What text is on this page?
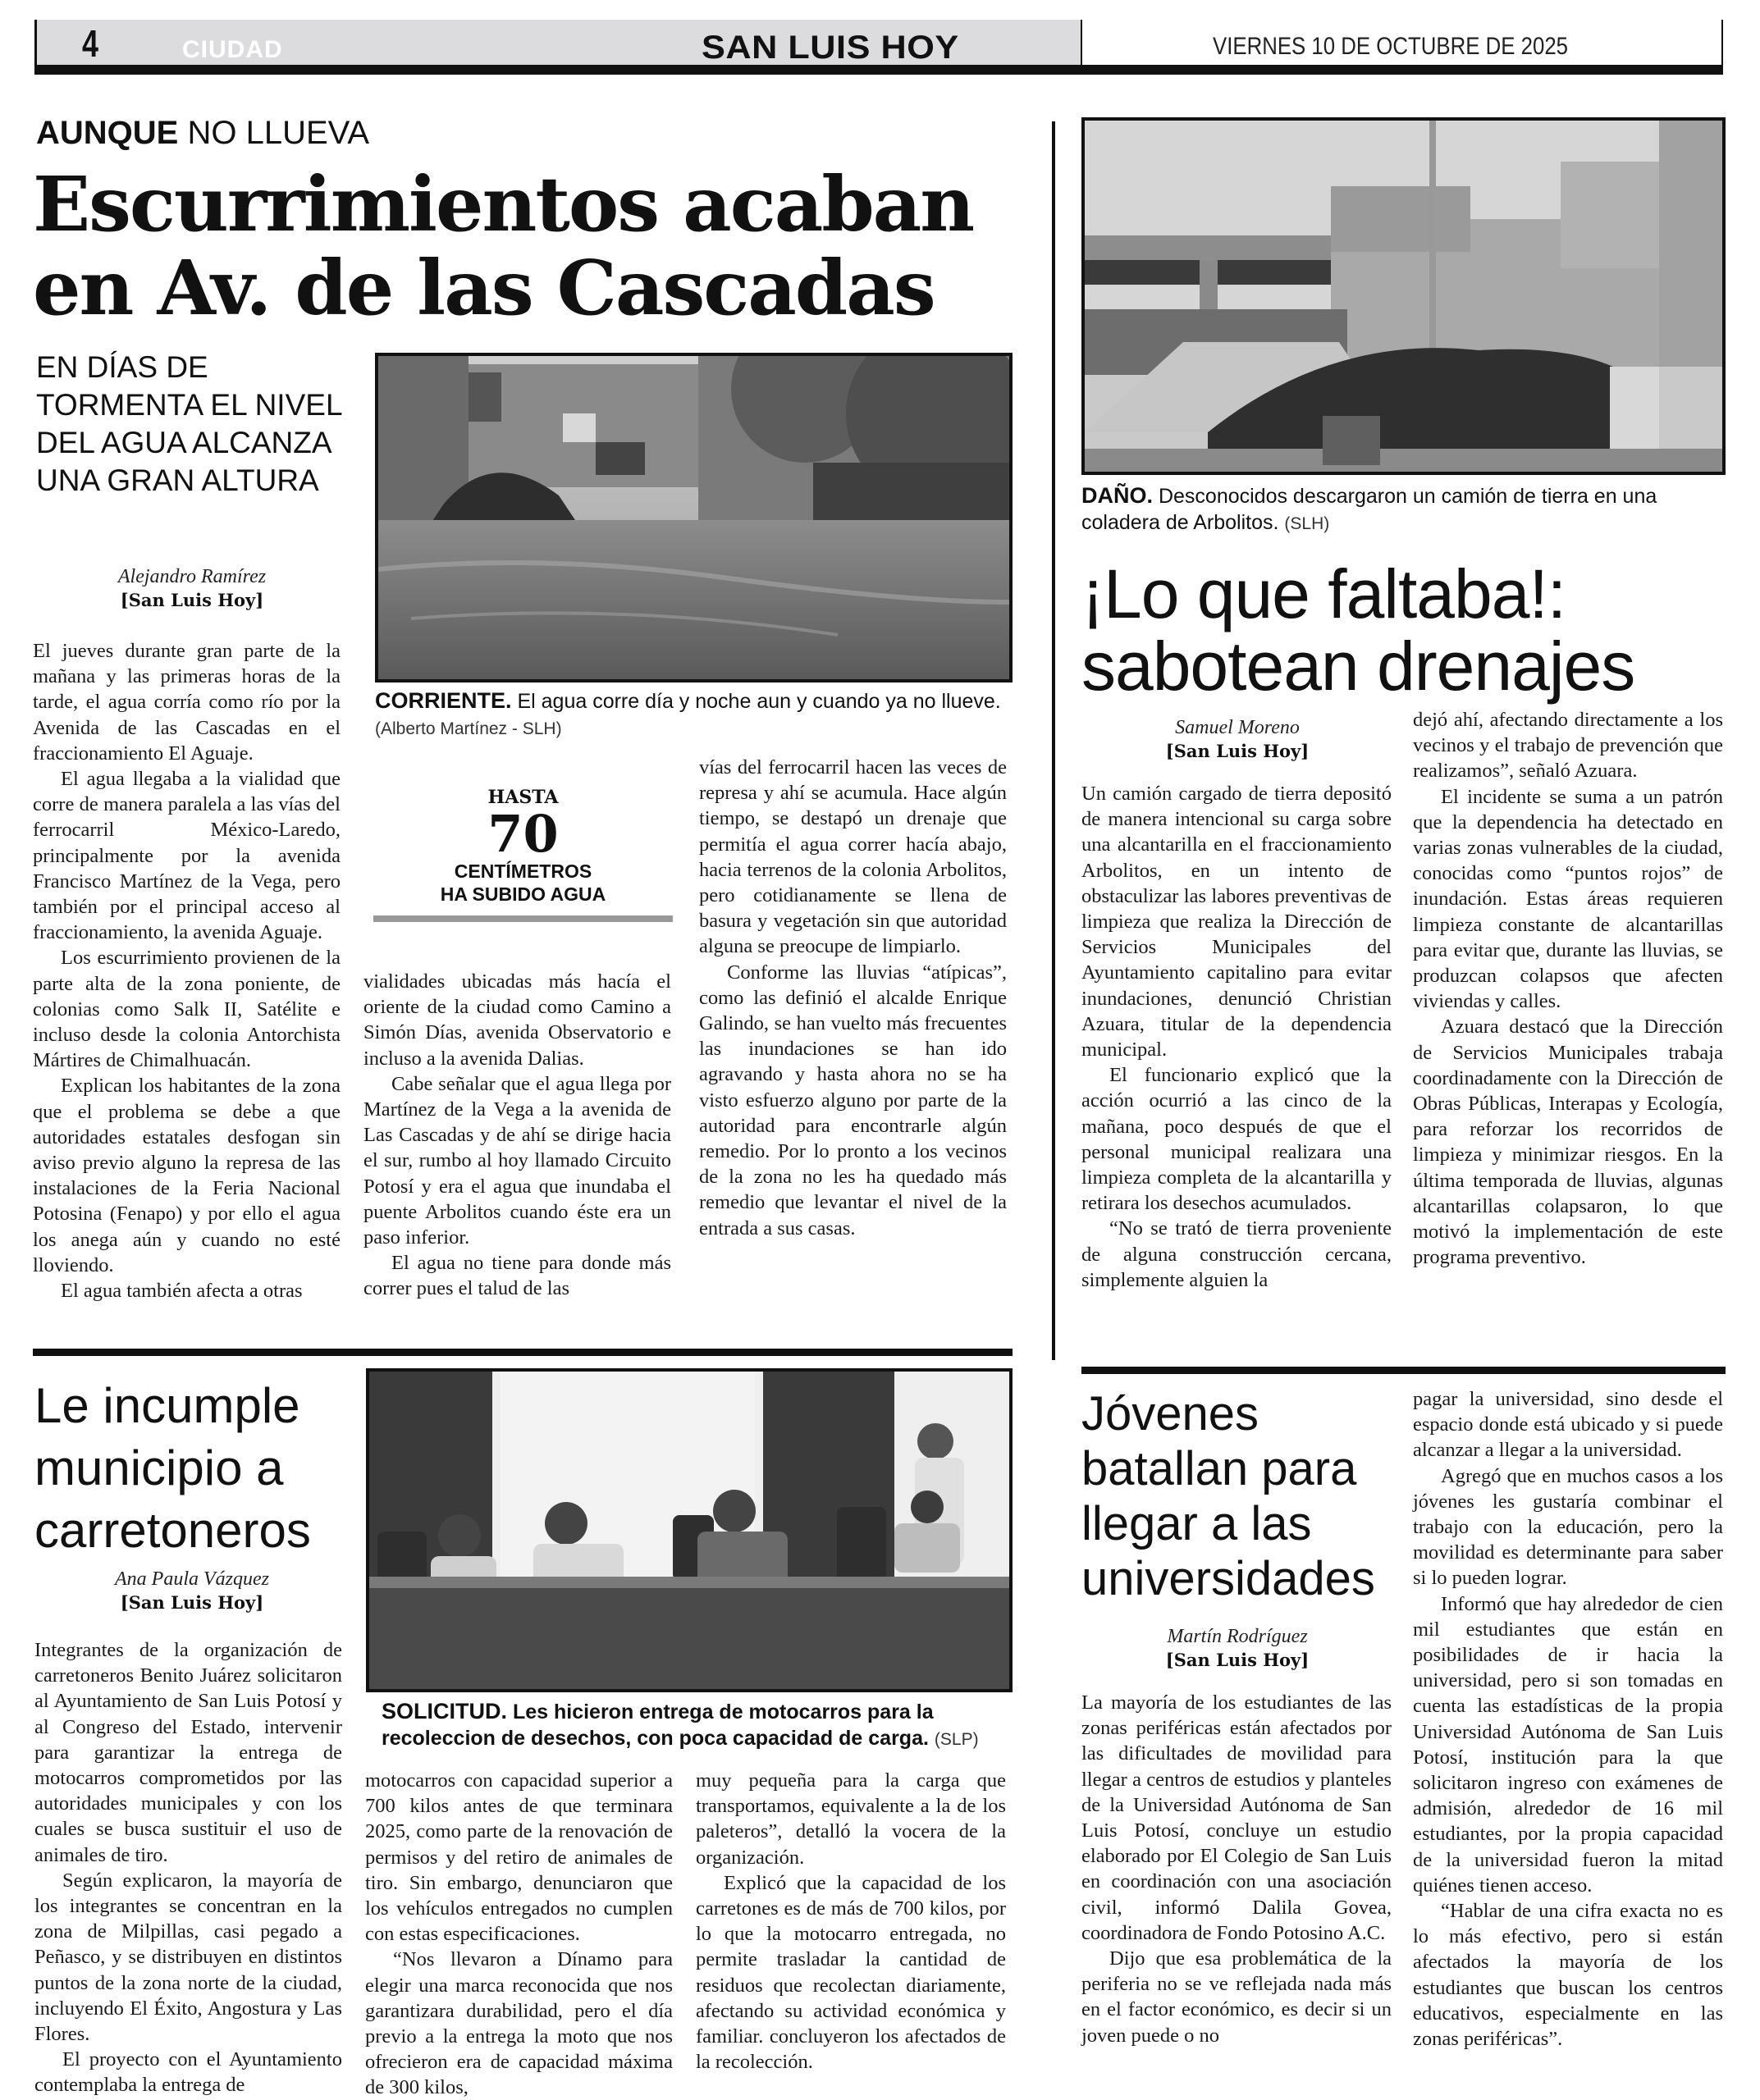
4	CIUDAD	SAN LUIS HOY	VIERNES 10 DE OCTUBRE DE 2025
AUNQUE NO LLUEVA
Escurrimientos acaban
en Av. de las Cascadas
EN DÍAS DE TORMENTA EL NIVEL DEL AGUA ALCANZA UNA GRAN ALTURA
Alejandro Ramírez
[San Luis Hoy]
CORRIENTE. El agua corre día y noche aun y cuando ya no llueve. (Alberto Martínez - SLH)
HASTA
70
CENTÍMETROS
HA SUBIDO AGUA

El jueves durante gran parte de la mañana y las primeras horas de la tarde, el agua corría como río por la Avenida de las Cascadas en el fraccionamiento El Aguaje.

El agua llegaba a la vialidad que corre de manera paralela a las vías del ferrocarril México-Laredo, principalmente por la avenida Francisco Martínez de la Vega, pero también por el principal acceso al fraccionamiento, la avenida Aguaje.

Los escurrimiento provienen de la parte alta de la zona poniente, de colonias como Salk II, Satélite e incluso desde la colonia Antorchista Mártires de Chimalhuacán.

Explican los habitantes de la zona que el problema se debe a que autoridades estatales desfogan sin aviso previo alguno la represa de las instalaciones de la Feria Nacional Potosina (Fenapo) y por ello el agua los anega aún y cuando no esté lloviendo.

El agua también afecta a otras

vialidades ubicadas más hacía el oriente de la ciudad como Camino a Simón Días, avenida Observatorio e incluso a la avenida Dalias.

Cabe señalar que el agua llega por Martínez de la Vega a la avenida de Las Cascadas y de ahí se dirige hacia el sur, rumbo al hoy llamado Circuito Potosí y era el agua que inundaba el puente Arbolitos cuando éste era un paso inferior.

El agua no tiene para donde más correr pues el talud de las

vías del ferrocarril hacen las veces de represa y ahí se acumula. Hace algún tiempo, se destapó un drenaje que permitía el agua correr hacía abajo, hacia terrenos de la colonia Arbolitos, pero cotidianamente se llena de basura y vegetación sin que autoridad alguna se preocupe de limpiarlo.

Conforme las lluvias “atípicas”, como las definió el alcalde Enrique Galindo, se han vuelto más frecuentes las inundaciones se han ido agravando y hasta ahora no se ha visto esfuerzo alguno por parte de la autoridad para encontrarle algún remedio. Por lo pronto a los vecinos de la zona no les ha quedado más remedio que levantar el nivel de la entrada a sus casas.

DAÑO. Desconocidos descargaron un camión de tierra en una coladera de Arbolitos. (SLH)
¡Lo que faltaba!:
sabotean drenajes
Samuel Moreno
[San Luis Hoy]

Un camión cargado de tierra depositó de manera intencional su carga sobre una alcantarilla en el fraccionamiento Arbolitos, en un intento de obstaculizar las labores preventivas de limpieza que realiza la Dirección de Servicios Municipales del Ayuntamiento capitalino para evitar inundaciones, denunció Christian Azuara, titular de la dependencia municipal.

El funcionario explicó que la acción ocurrió a las cinco de la mañana, poco después de que el personal municipal realizara una limpieza completa de la alcantarilla y retirara los desechos acumulados.

“No se trató de tierra proveniente de alguna construcción cercana, simplemente alguien la

dejó ahí, afectando directamente a los vecinos y el trabajo de prevención que realizamos”, señaló Azuara.

El incidente se suma a un patrón que la dependencia ha detectado en varias zonas vulnerables de la ciudad, conocidas como “puntos rojos” de inundación. Estas áreas requieren limpieza constante de alcantarillas para evitar que, durante las lluvias, se produzcan colapsos que afecten viviendas y calles.

Azuara destacó que la Dirección de Servicios Municipales trabaja coordinadamente con la Dirección de Obras Públicas, Interapas y Ecología, para reforzar los recorridos de limpieza y minimizar riesgos. En la última temporada de lluvias, algunas alcantarillas colapsaron, lo que motivó la implementación de este programa preventivo.

Le incumple
municipio a
carretoneros
Ana Paula Vázquez
[San Luis Hoy]
SOLICITUD. Les hicieron entrega de motocarros para la recoleccion de desechos, con poca capacidad de carga. (SLP)

Integrantes de la organización de carretoneros Benito Juárez solicitaron al Ayuntamiento de San Luis Potosí y al Congreso del Estado, intervenir para garantizar la entrega de motocarros comprometidos por las autoridades municipales y con los cuales se busca sustituir el uso de animales de tiro.

Según explicaron, la mayoría de los integrantes se concentran en la zona de Milpillas, casi pegado a Peñasco, y se distribuyen en distintos puntos de la zona norte de la ciudad, incluyendo El Éxito, Angostura y Las Flores.

El proyecto con el Ayuntamiento contemplaba la entrega de

motocarros con capacidad superior a 700 kilos antes de que terminara 2025, como parte de la renovación de permisos y del retiro de animales de tiro. Sin embargo, denunciaron que los vehículos entregados no cumplen con estas especificaciones.

“Nos llevaron a Dínamo para elegir una marca reconocida que nos garantizara durabilidad, pero el día previo a la entrega la moto que nos ofrecieron era de capacidad máxima de 300 kilos,

muy pequeña para la carga que transportamos, equivalente a la de los paleteros”, detalló la vocera de la organización.

Explicó que la capacidad de los carretones es de más de 700 kilos, por lo que la motocarro entregada, no permite trasladar la cantidad de residuos que recolectan diariamente, afectando su actividad económica y familiar. concluyeron los afectados de la recolección.

Jóvenes
batallan para
llegar a las
universidades
Martín Rodríguez
[San Luis Hoy]

La mayoría de los estudiantes de las zonas periféricas están afectados por las dificultades de movilidad para llegar a centros de estudios y planteles de la Universidad Autónoma de San Luis Potosí, concluye un estudio elaborado por El Colegio de San Luis en coordinación con una asociación civil, informó Dalila Govea, coordinadora de Fondo Potosino A.C.

Dijo que esa problemática de la periferia no se ve reflejada nada más en el factor económico, es decir si un joven puede o no

pagar la universidad, sino desde el espacio donde está ubicado y si puede alcanzar a llegar a la universidad.

Agregó que en muchos casos a los jóvenes les gustaría combinar el trabajo con la educación, pero la movilidad es determinante para saber si lo pueden lograr.

Informó que hay alrededor de cien mil estudiantes que están en posibilidades de ir hacia la universidad, pero si son tomadas en cuenta las estadísticas de la propia Universidad Autónoma de San Luis Potosí, institución para la que solicitaron ingreso con exámenes de admisión, alrededor de 16 mil estudiantes, por la propia capacidad de la universidad fueron la mitad quiénes tienen acceso.

“Hablar de una cifra exacta no es lo más efectivo, pero si están afectados la mayoría de los estudiantes que buscan los centros educativos, especialmente en las zonas periféricas”.
